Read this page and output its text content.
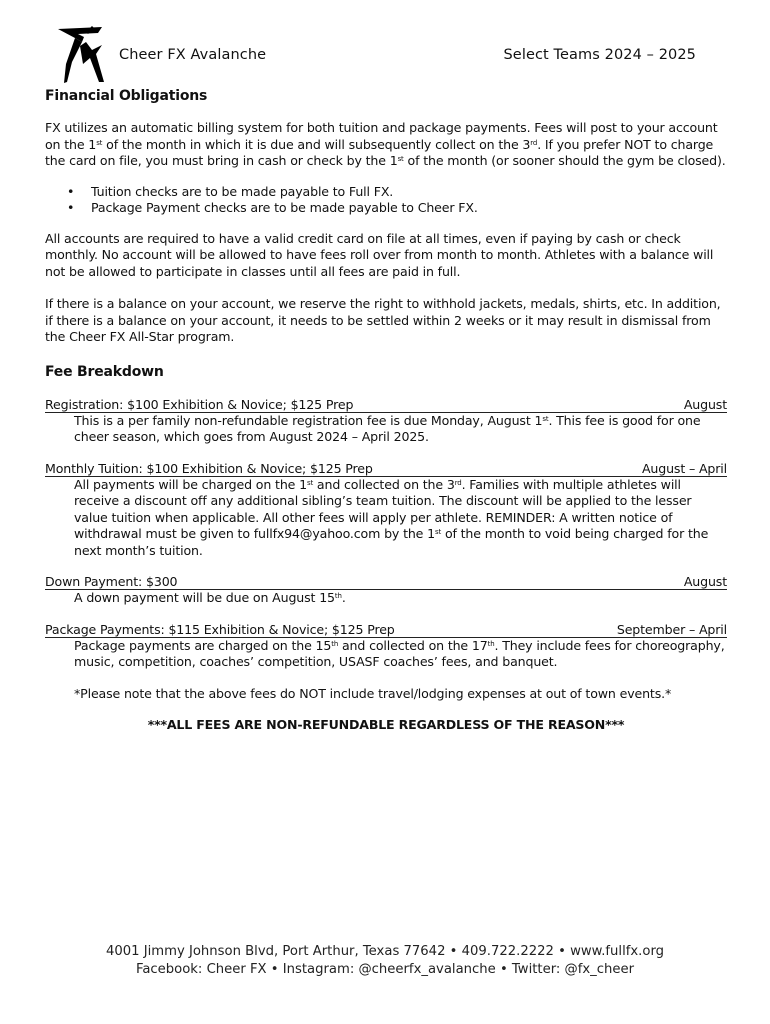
Cheer FX Avalanche	Select Teams 2024 – 2025
Financial Obligations

FX utilizes an automatic billing system for both tuition and package payments. Fees will post to your account on the 1st of the month in which it is due and will subsequently collect on the 3rd. If you prefer NOT to charge the card on file, you must bring in cash or check by the 1st of the month (or sooner should the gym be closed).

• Tuition checks are to be made payable to Full FX.
• Package Payment checks are to be made payable to Cheer FX.

All accounts are required to have a valid credit card on file at all times, even if paying by cash or check monthly. No account will be allowed to have fees roll over from month to month. Athletes with a balance will not be allowed to participate in classes until all fees are paid in full.

If there is a balance on your account, we reserve the right to withhold jackets, medals, shirts, etc. In addition, if there is a balance on your account, it needs to be settled within 2 weeks or it may result in dismissal from the Cheer FX All-Star program.

Fee Breakdown
Registration: $100 Exhibition & Novice; $125 Prep	August

This is a per family non-refundable registration fee is due Monday, August 1st. This fee is good for one cheer season, which goes from August 2024 – April 2025.

Monthly Tuition: $100 Exhibition & Novice; $125 Prep	August – April

All payments will be charged on the 1st and collected on the 3rd. Families with multiple athletes will receive a discount off any additional sibling’s team tuition. The discount will be applied to the lesser value tuition when applicable. All other fees will apply per athlete. REMINDER: A written notice of withdrawal must be given to fullfx94@yahoo.com by the 1st of the month to void being charged for the next month’s tuition.

Down Payment: $300	August

A down payment will be due on August 15th.

Package Payments: $115 Exhibition & Novice; $125 Prep	September – April

Package payments are charged on the 15th and collected on the 17th. They include fees for choreography, music, competition, coaches’ competition, USASF coaches’ fees, and banquet.

*Please note that the above fees do NOT include travel/lodging expenses at out of town events.*

***ALL FEES ARE NON-REFUNDABLE REGARDLESS OF THE REASON***

4001 Jimmy Johnson Blvd, Port Arthur, Texas 77642 • 409.722.2222 • www.fullfx.org
Facebook: Cheer FX • Instagram: @cheerfx_avalanche • Twitter: @fx_cheer
